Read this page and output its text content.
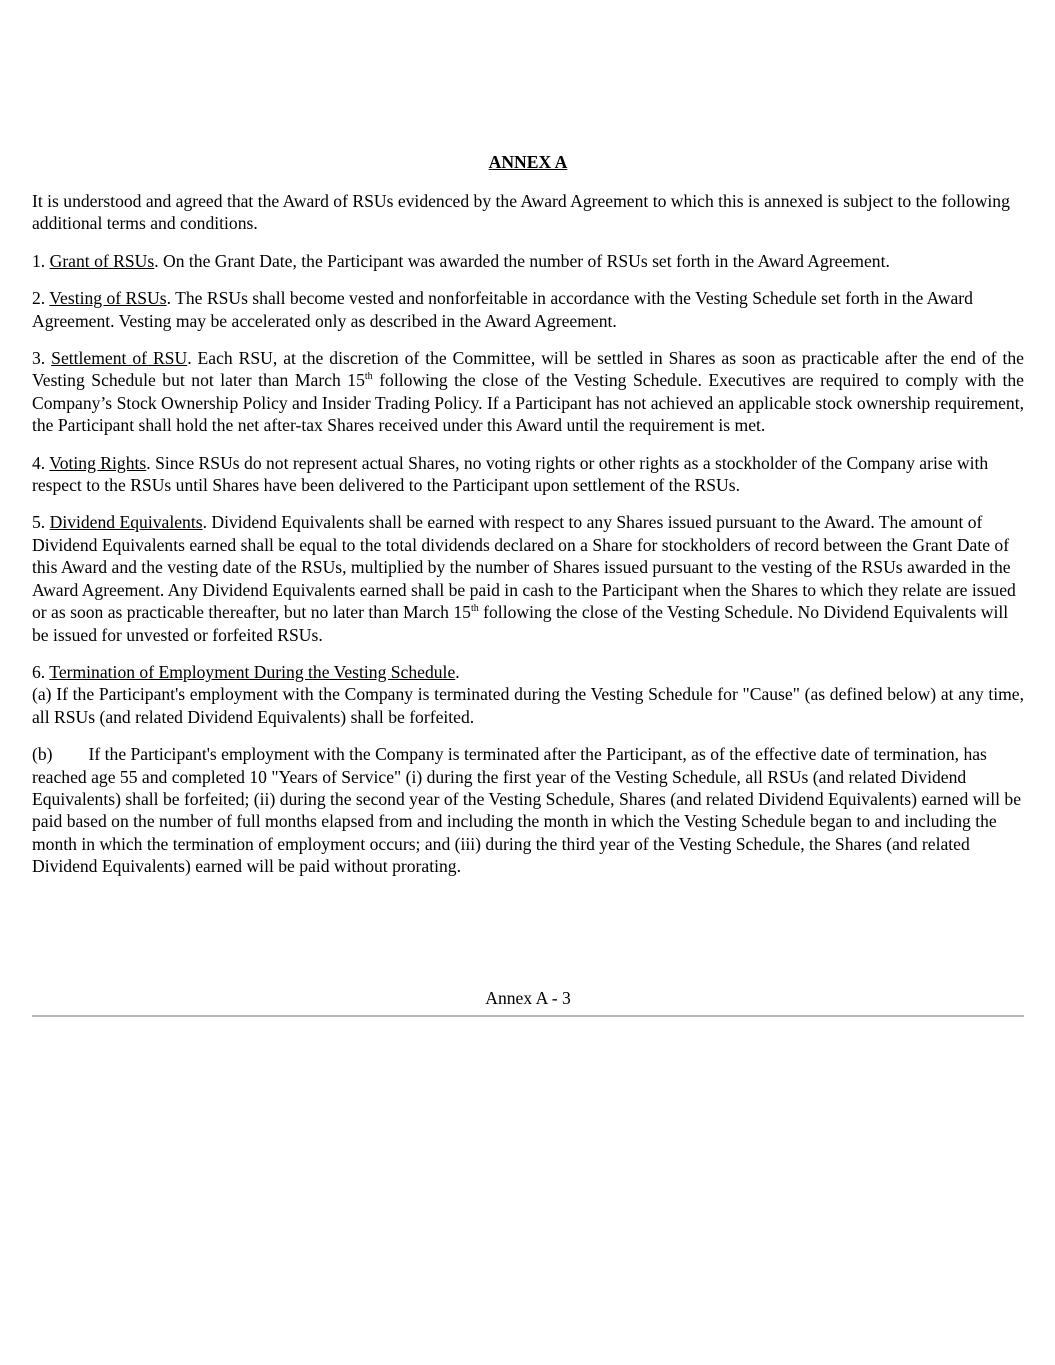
ANNEX A

It is understood and agreed that the Award of RSUs evidenced by the Award Agreement to which this is annexed is subject to the following additional terms and conditions.

1. Grant of RSUs. On the Grant Date, the Participant was awarded the number of RSUs set forth in the Award Agreement.

2. Vesting of RSUs. The RSUs shall become vested and nonforfeitable in accordance with the Vesting Schedule set forth in the Award Agreement. Vesting may be accelerated only as described in the Award Agreement.

3. Settlement of RSU. Each RSU, at the discretion of the Committee, will be settled in Shares as soon as practicable after the end of the Vesting Schedule but not later than March 15th following the close of the Vesting Schedule. Executives are required to comply with the Company’s Stock Ownership Policy and Insider Trading Policy. If a Participant has not achieved an applicable stock ownership requirement, the Participant shall hold the net after-tax Shares received under this Award until the requirement is met.

4. Voting Rights. Since RSUs do not represent actual Shares, no voting rights or other rights as a stockholder of the Company arise with respect to the RSUs until Shares have been delivered to the Participant upon settlement of the RSUs.

5. Dividend Equivalents. Dividend Equivalents shall be earned with respect to any Shares issued pursuant to the Award. The amount of Dividend Equivalents earned shall be equal to the total dividends declared on a Share for stockholders of record between the Grant Date of this Award and the vesting date of the RSUs, multiplied by the number of Shares issued pursuant to the vesting of the RSUs awarded in the Award Agreement. Any Dividend Equivalents earned shall be paid in cash to the Participant when the Shares to which they relate are issued or as soon as practicable thereafter, but no later than March 15th following the close of the Vesting Schedule. No Dividend Equivalents will be issued for unvested or forfeited RSUs.

6. Termination of Employment During the Vesting Schedule.
(a) If the Participant's employment with the Company is terminated during the Vesting Schedule for "Cause" (as defined below) at any time, all RSUs (and related Dividend Equivalents) shall be forfeited.

(b) If the Participant's employment with the Company is terminated after the Participant, as of the effective date of termination, has reached age 55 and completed 10 "Years of Service" (i) during the first year of the Vesting Schedule, all RSUs (and related Dividend Equivalents) shall be forfeited; (ii) during the second year of the Vesting Schedule, Shares (and related Dividend Equivalents) earned will be paid based on the number of full months elapsed from and including the month in which the Vesting Schedule began to and including the month in which the termination of employment occurs; and (iii) during the third year of the Vesting Schedule, the Shares (and related Dividend Equivalents) earned will be paid without prorating.

Annex A - 3
